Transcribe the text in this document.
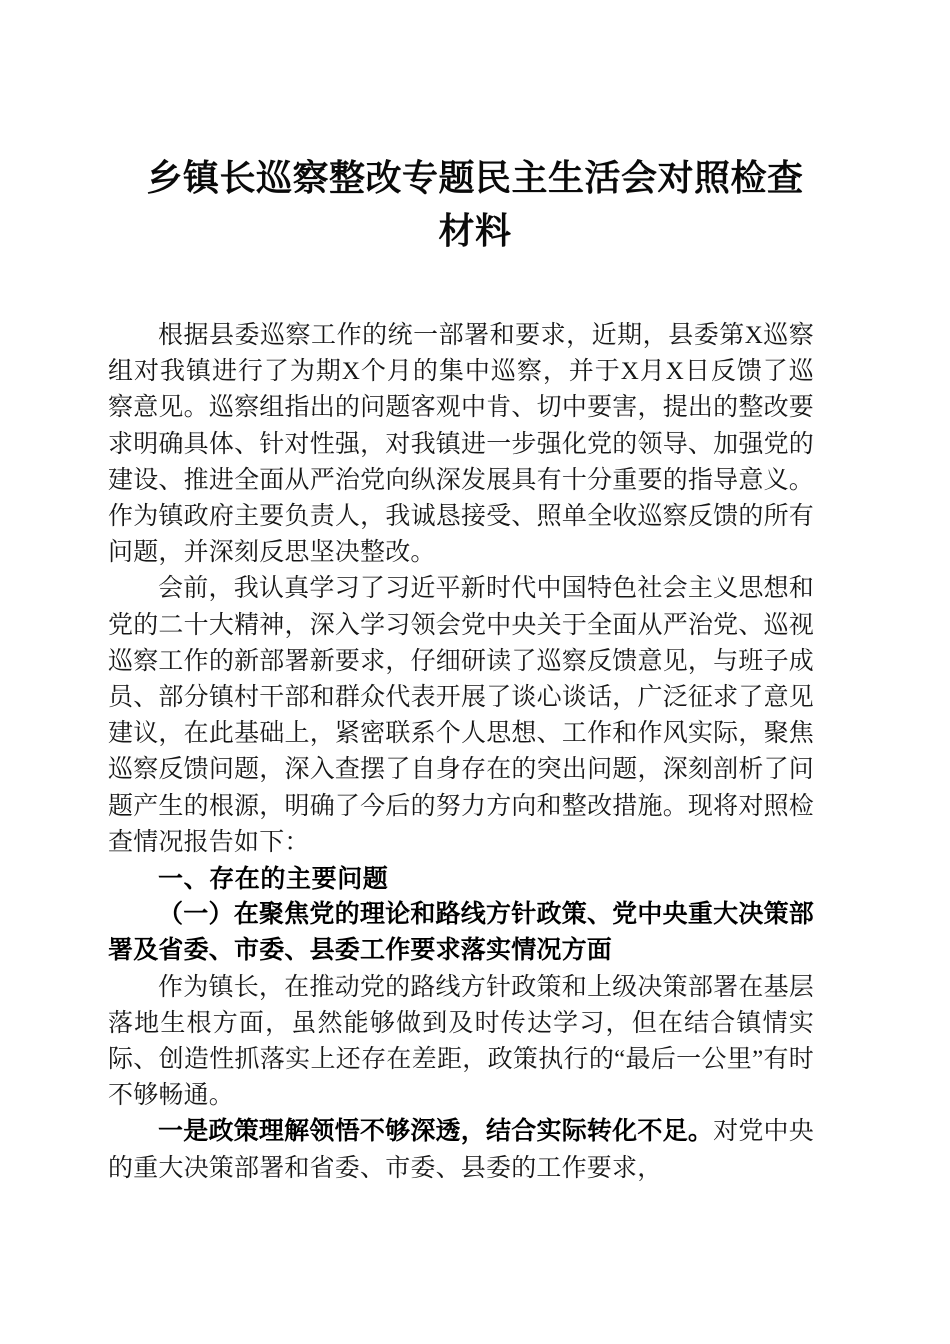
乡镇长巡察整改专题民主生活会对照检查
材料

根据县委巡察工作的统一部署和要求，近期，县委第X巡察组对我镇进行了为期X个月的集中巡察，并于X月X日反馈了巡察意见。巡察组指出的问题客观中肯、切中要害，提出的整改要求明确具体、针对性强，对我镇进一步强化党的领导、加强党的建设、推进全面从严治党向纵深发展具有十分重要的指导意义。作为镇政府主要负责人，我诚恳接受、照单全收巡察反馈的所有问题，并深刻反思坚决整改。

会前，我认真学习了习近平新时代中国特色社会主义思想和党的二十大精神，深入学习领会党中央关于全面从严治党、巡视巡察工作的新部署新要求，仔细研读了巡察反馈意见，与班子成员、部分镇村干部和群众代表开展了谈心谈话，广泛征求了意见建议，在此基础上，紧密联系个人思想、工作和作风实际，聚焦巡察反馈问题，深入查摆了自身存在的突出问题，深刻剖析了问题产生的根源，明确了今后的努力方向和整改措施。现将对照检查情况报告如下：

一、存在的主要问题

（一）在聚焦党的理论和路线方针政策、党中央重大决策部署及省委、市委、县委工作要求落实情况方面

作为镇长，在推动党的路线方针政策和上级决策部署在基层落地生根方面，虽然能够做到及时传达学习，但在结合镇情实际、创造性抓落实上还存在差距，政策执行的“最后一公里”有时不够畅通。

一是政策理解领悟不够深透，结合实际转化不足。对党中央的重大决策部署和省委、市委、县委的工作要求，
